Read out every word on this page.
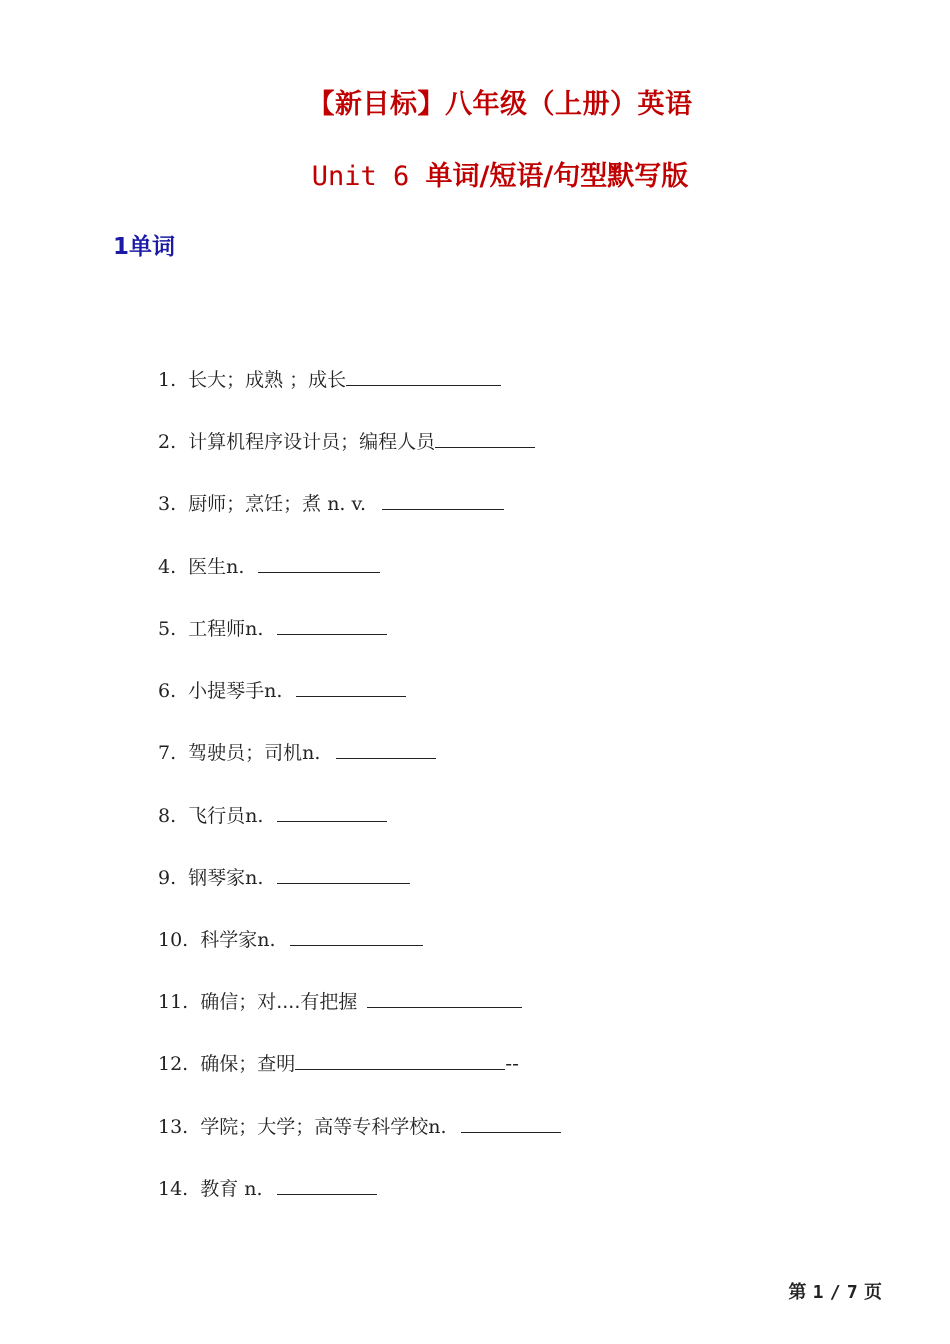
【新目标】八年级（上册）英语
Unit 6 单词/短语/句型默写版
1单词
1. 长大；成熟 ；成长
2. 计算机程序设计员；编程人员
3. 厨师；烹饪；煮 n. v.
4. 医生n.
5. 工程师n.
6. 小提琴手n.
7. 驾驶员；司机n.
8. 飞行员n.
9. 钢琴家n.
10. 科学家n.
11. 确信；对....有把握
12. 确保；查明	--
13. 学院；大学；高等专科学校n.
14. 教育 n.
第 1 / 7 页
